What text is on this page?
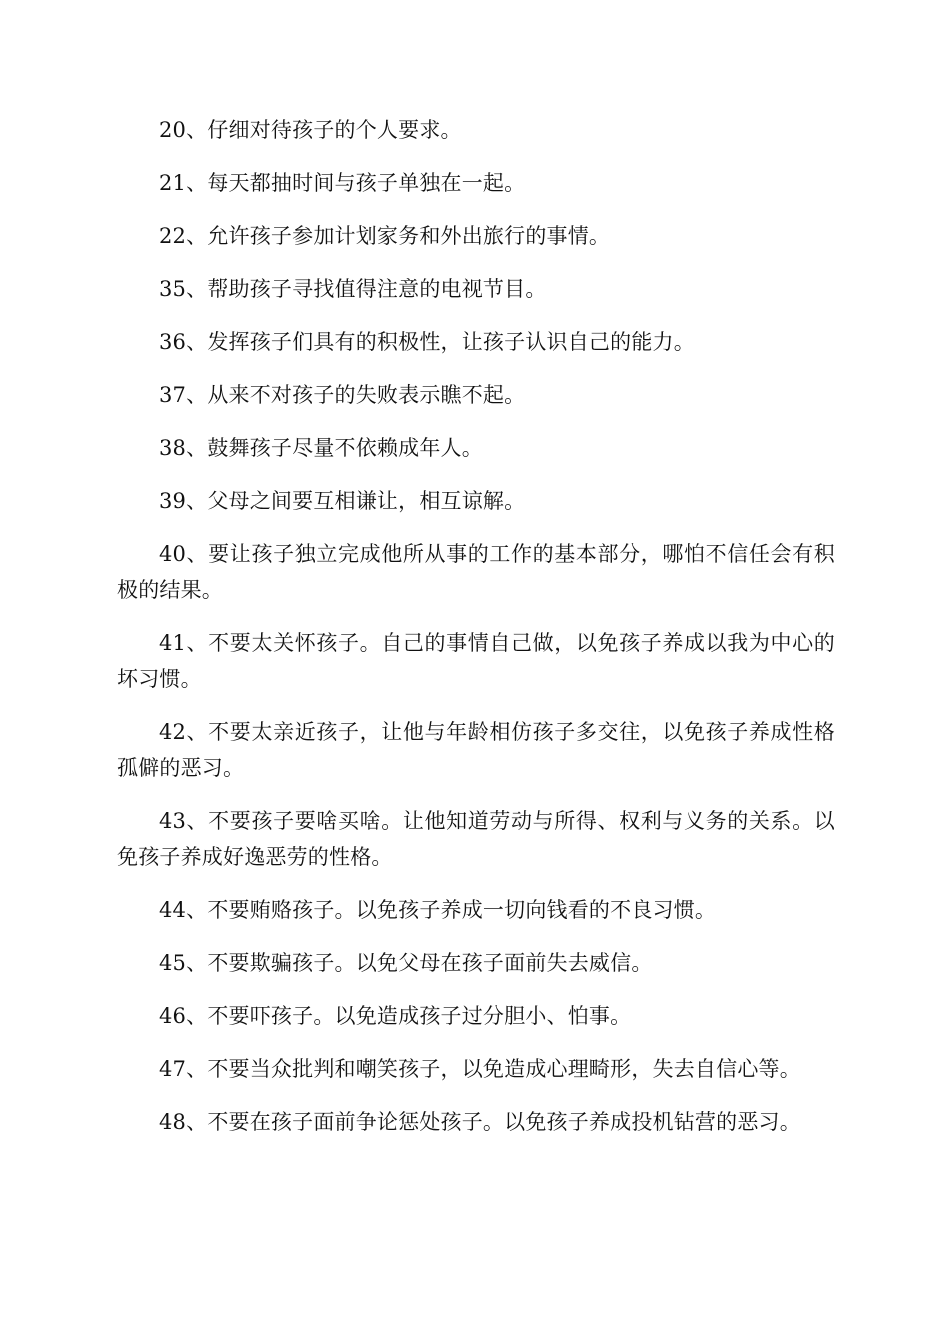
20、仔细对待孩子的个人要求。

21、每天都抽时间与孩子单独在一起。

22、允许孩子参加计划家务和外出旅行的事情。

35、帮助孩子寻找值得注意的电视节目。

36、发挥孩子们具有的积极性，让孩子认识自己的能力。

37、从来不对孩子的失败表示瞧不起。

38、鼓舞孩子尽量不依赖成年人。

39、父母之间要互相谦让，相互谅解。

40、要让孩子独立完成他所从事的工作的基本部分，哪怕不信任会有积极的结果。

41、不要太关怀孩子。自己的事情自己做，以免孩子养成以我为中心的坏习惯。

42、不要太亲近孩子，让他与年龄相仿孩子多交往，以免孩子养成性格孤僻的恶习。

43、不要孩子要啥买啥。让他知道劳动与所得、权利与义务的关系。以免孩子养成好逸恶劳的性格。

44、不要贿赂孩子。以免孩子养成一切向钱看的不良习惯。

45、不要欺骗孩子。以免父母在孩子面前失去威信。

46、不要吓孩子。以免造成孩子过分胆小、怕事。

47、不要当众批判和嘲笑孩子，以免造成心理畸形，失去自信心等。

48、不要在孩子面前争论惩处孩子。以免孩子养成投机钻营的恶习。
